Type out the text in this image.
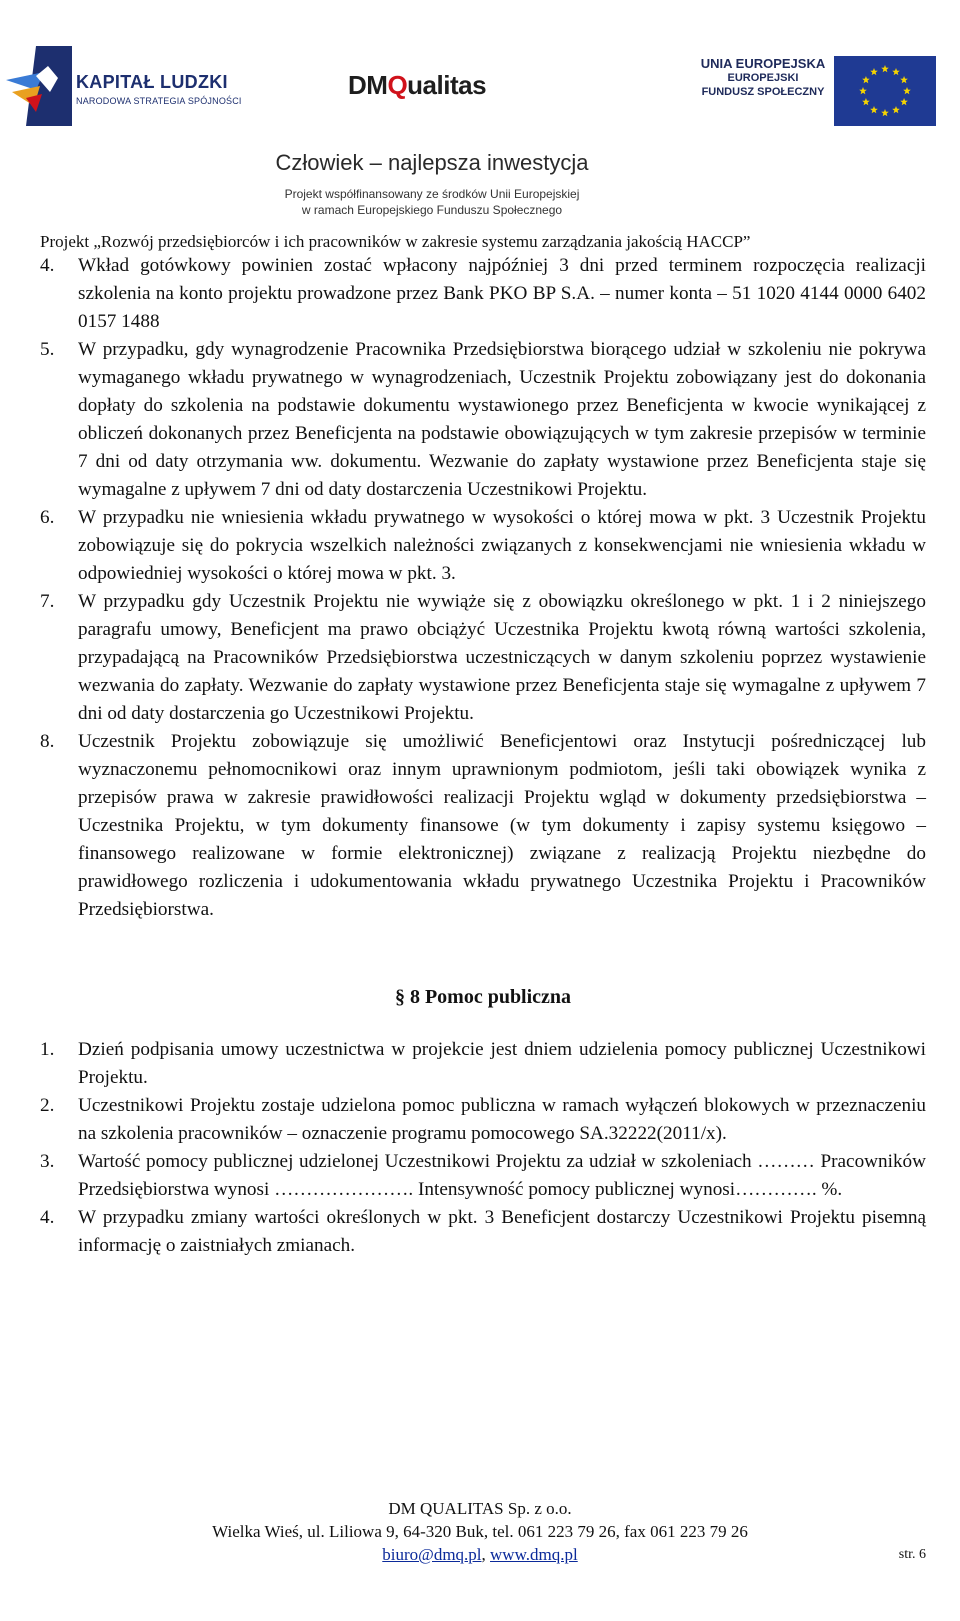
KAPITAŁ LUDZKI
NARODOWA STRATEGIA SPÓJNOŚCI
DMQualitas
UNIA EUROPEJSKA
EUROPEJSKI
FUNDUSZ SPOŁECZNY
Człowiek – najlepsza inwestycja
Projekt współfinansowany ze środków Unii Europejskiej
w ramach Europejskiego Funduszu Społecznego
Projekt „Rozwój przedsiębiorców i ich pracowników w zakresie systemu zarządzania jakością HACCP”
4.	Wkład gotówkowy powinien zostać wpłacony najpóźniej 3 dni przed terminem rozpoczęcia realizacji szkolenia na konto projektu prowadzone przez Bank PKO BP S.A. – numer konta – 51 1020 4144 0000 6402 0157 1488
5.	W przypadku, gdy wynagrodzenie Pracownika Przedsiębiorstwa biorącego udział w szkoleniu nie pokrywa wymaganego wkładu prywatnego w wynagrodzeniach, Uczestnik Projektu zobowiązany jest do dokonania dopłaty do szkolenia na podstawie dokumentu wystawionego przez Beneficjenta w kwocie wynikającej z obliczeń dokonanych przez Beneficjenta na podstawie obowiązujących w tym zakresie przepisów w terminie 7 dni od daty otrzymania ww. dokumentu. Wezwanie do zapłaty wystawione przez Beneficjenta staje się wymagalne z upływem 7 dni od daty dostarczenia Uczestnikowi Projektu.
6.	W przypadku nie wniesienia wkładu prywatnego w wysokości o której mowa w pkt. 3 Uczestnik Projektu zobowiązuje się do pokrycia wszelkich należności związanych z konsekwencjami nie wniesienia wkładu w odpowiedniej wysokości o której mowa w pkt. 3.
7.	W przypadku gdy Uczestnik Projektu nie wywiąże się z obowiązku określonego w pkt. 1 i 2 niniejszego paragrafu umowy, Beneficjent ma prawo obciążyć Uczestnika Projektu kwotą równą wartości szkolenia, przypadającą na Pracowników Przedsiębiorstwa uczestniczących w danym szkoleniu poprzez wystawienie wezwania do zapłaty. Wezwanie do zapłaty wystawione przez Beneficjenta staje się wymagalne z upływem 7 dni od daty dostarczenia go Uczestnikowi Projektu.
8.	Uczestnik Projektu zobowiązuje się umożliwić Beneficjentowi oraz Instytucji pośredniczącej lub wyznaczonemu pełnomocnikowi oraz innym uprawnionym podmiotom, jeśli taki obowiązek wynika z przepisów prawa w zakresie prawidłowości realizacji Projektu wgląd w dokumenty przedsiębiorstwa – Uczestnika Projektu, w tym dokumenty finansowe (w tym dokumenty i zapisy systemu księgowo – finansowego realizowane w formie elektronicznej) związane z realizacją Projektu niezbędne do prawidłowego rozliczenia i udokumentowania wkładu prywatnego Uczestnika Projektu i Pracowników Przedsiębiorstwa.
§ 8 Pomoc publiczna
1.	Dzień podpisania umowy uczestnictwa w projekcie jest dniem udzielenia pomocy publicznej Uczestnikowi Projektu.
2.	Uczestnikowi Projektu zostaje udzielona pomoc publiczna w ramach wyłączeń blokowych w przeznaczeniu na szkolenia pracowników – oznaczenie programu pomocowego SA.32222(2011/x).
3.	Wartość pomocy publicznej udzielonej Uczestnikowi Projektu za udział w szkoleniach ……… Pracowników Przedsiębiorstwa wynosi …………………. Intensywność pomocy publicznej wynosi…………. %.
4.	W przypadku zmiany wartości określonych w pkt. 3 Beneficjent dostarczy Uczestnikowi Projektu pisemną informację o zaistniałych zmianach.
DM QUALITAS Sp. z o.o.
Wielka Wieś, ul. Liliowa 9, 64-320 Buk, tel. 061 223 79 26, fax 061 223 79 26
biuro@dmq.pl, www.dmq.pl	str. 6
